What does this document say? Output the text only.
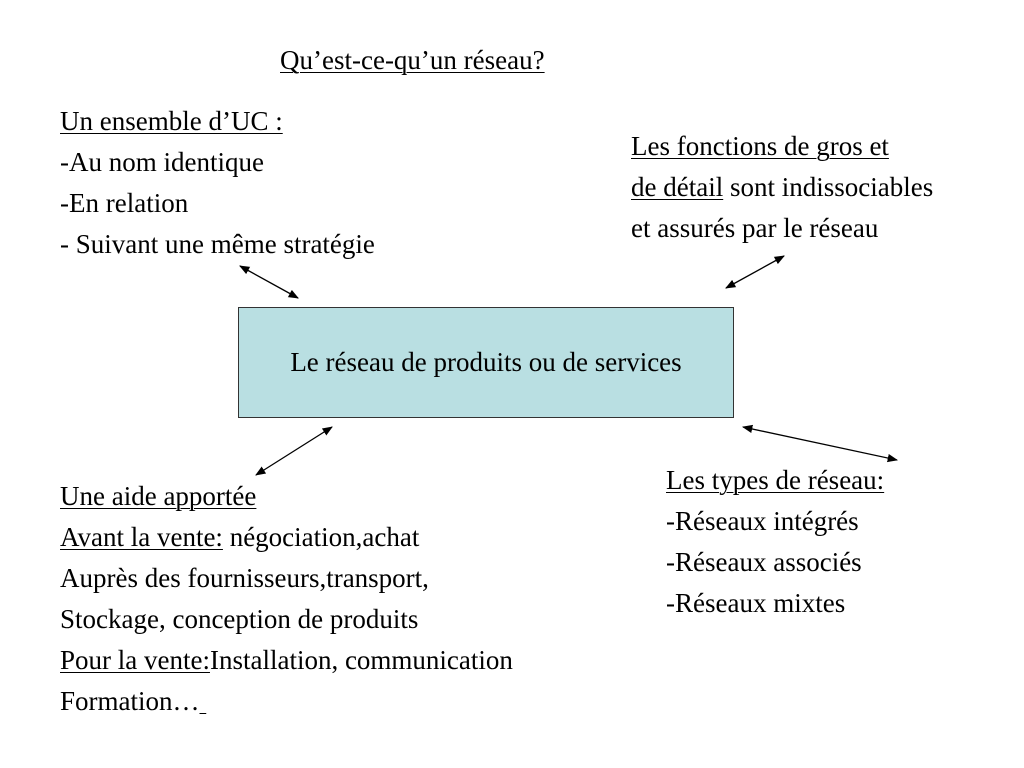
Qu’est-ce-qu’un réseau?
Un ensemble d’UC :
-Au nom identique
-En relation
- Suivant une même stratégie
Les fonctions de gros et
de détail sont indissociables
et assurés par le réseau
Le réseau de produits ou de services
Une aide apportée
Avant la vente: négociation,achat
Auprès des fournisseurs,transport,
Stockage, conception de produits
Pour la vente:Installation, communication
Formation…
Les types de réseau:
-Réseaux intégrés
-Réseaux associés
-Réseaux mixtes
